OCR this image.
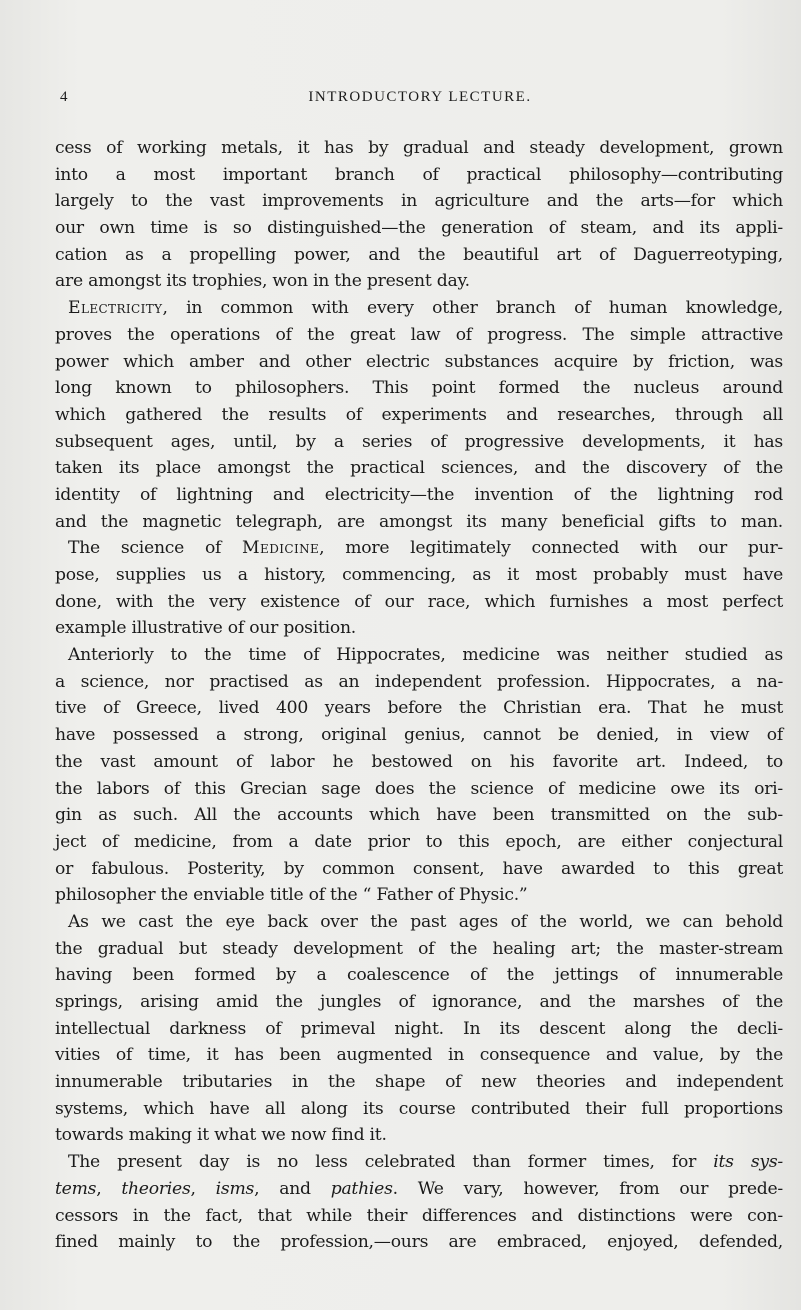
4	INTRODUCTORY LECTURE.
cess of working metals, it has by gradual and steady development, grown
into a most important branch of practical philosophy—contributing
largely to the vast improvements in agriculture and the arts—for which
our own time is so distinguished—the generation of steam, and its appli-
cation as a propelling power, and the beautiful art of Daguerreotyping,
are amongst its trophies, won in the present day.
Electricity, in common with every other branch of human knowledge,
proves the operations of the great law of progress. The simple attractive
power which amber and other electric substances acquire by friction, was
long known to philosophers. This point formed the nucleus around
which gathered the results of experiments and researches, through all
subsequent ages, until, by a series of progressive developments, it has
taken its place amongst the practical sciences, and the discovery of the
identity of lightning and electricity—the invention of the lightning rod
and the magnetic telegraph, are amongst its many beneficial gifts to man.
The science of Medicine, more legitimately connected with our pur-
pose, supplies us a history, commencing, as it most probably must have
done, with the very existence of our race, which furnishes a most perfect
example illustrative of our position.
Anteriorly to the time of Hippocrates, medicine was neither studied as
a science, nor practised as an independent profession. Hippocrates, a na-
tive of Greece, lived 400 years before the Christian era. That he must
have possessed a strong, original genius, cannot be denied, in view of
the vast amount of labor he bestowed on his favorite art. Indeed, to
the labors of this Grecian sage does the science of medicine owe its ori-
gin as such. All the accounts which have been transmitted on the sub-
ject of medicine, from a date prior to this epoch, are either conjectural
or fabulous. Posterity, by common consent, have awarded to this great
philosopher the enviable title of the “ Father of Physic.”
As we cast the eye back over the past ages of the world, we can behold
the gradual but steady development of the healing art; the master-stream
having been formed by a coalescence of the jettings of innumerable
springs, arising amid the jungles of ignorance, and the marshes of the
intellectual darkness of primeval night. In its descent along the decli-
vities of time, it has been augmented in consequence and value, by the
innumerable tributaries in the shape of new theories and independent
systems, which have all along its course contributed their full proportions
towards making it what we now find it.
The present day is no less celebrated than former times, for its sys-
tems, theories, isms, and pathies. We vary, however, from our prede-
cessors in the fact, that while their differences and distinctions were con-
fined mainly to the profession,—ours are embraced, enjoyed, defended,
